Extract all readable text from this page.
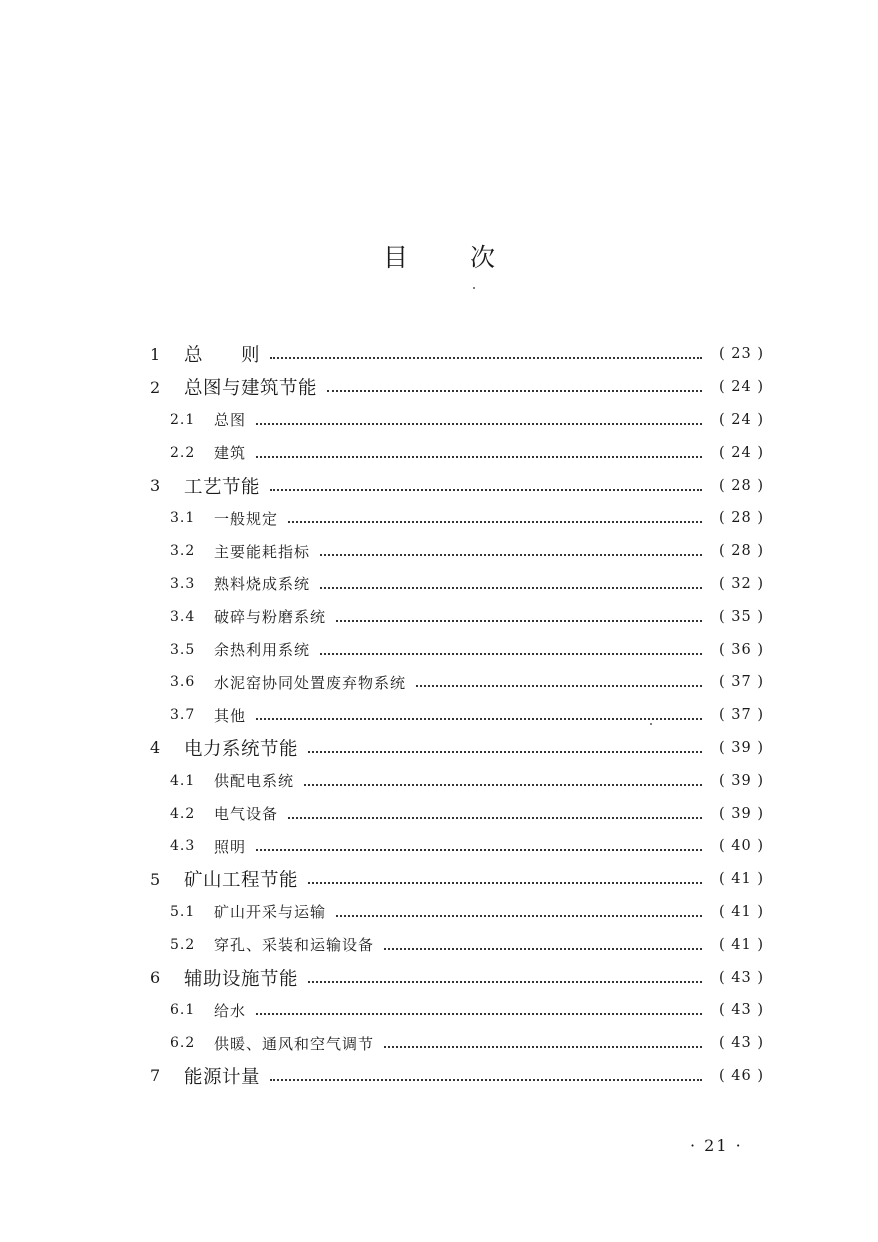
目 次
1	总　　则	( 23 )
2	总图与建筑节能	( 24 )
2.1	总图	( 24 )
2.2	建筑	( 24 )
3	工艺节能	( 28 )
3.1	一般规定	( 28 )
3.2	主要能耗指标	( 28 )
3.3	熟料烧成系统	( 32 )
3.4	破碎与粉磨系统	( 35 )
3.5	余热利用系统	( 36 )
3.6	水泥窑协同处置废弃物系统	( 37 )
3.7	其他	( 37 )
4	电力系统节能	( 39 )
4.1	供配电系统	( 39 )
4.2	电气设备	( 39 )
4.3	照明	( 40 )
5	矿山工程节能	( 41 )
5.1	矿山开采与运输	( 41 )
5.2	穿孔、采装和运输设备	( 41 )
6	辅助设施节能	( 43 )
6.1	给水	( 43 )
6.2	供暖、通风和空气调节	( 43 )
7	能源计量	( 46 )
· 21 ·
